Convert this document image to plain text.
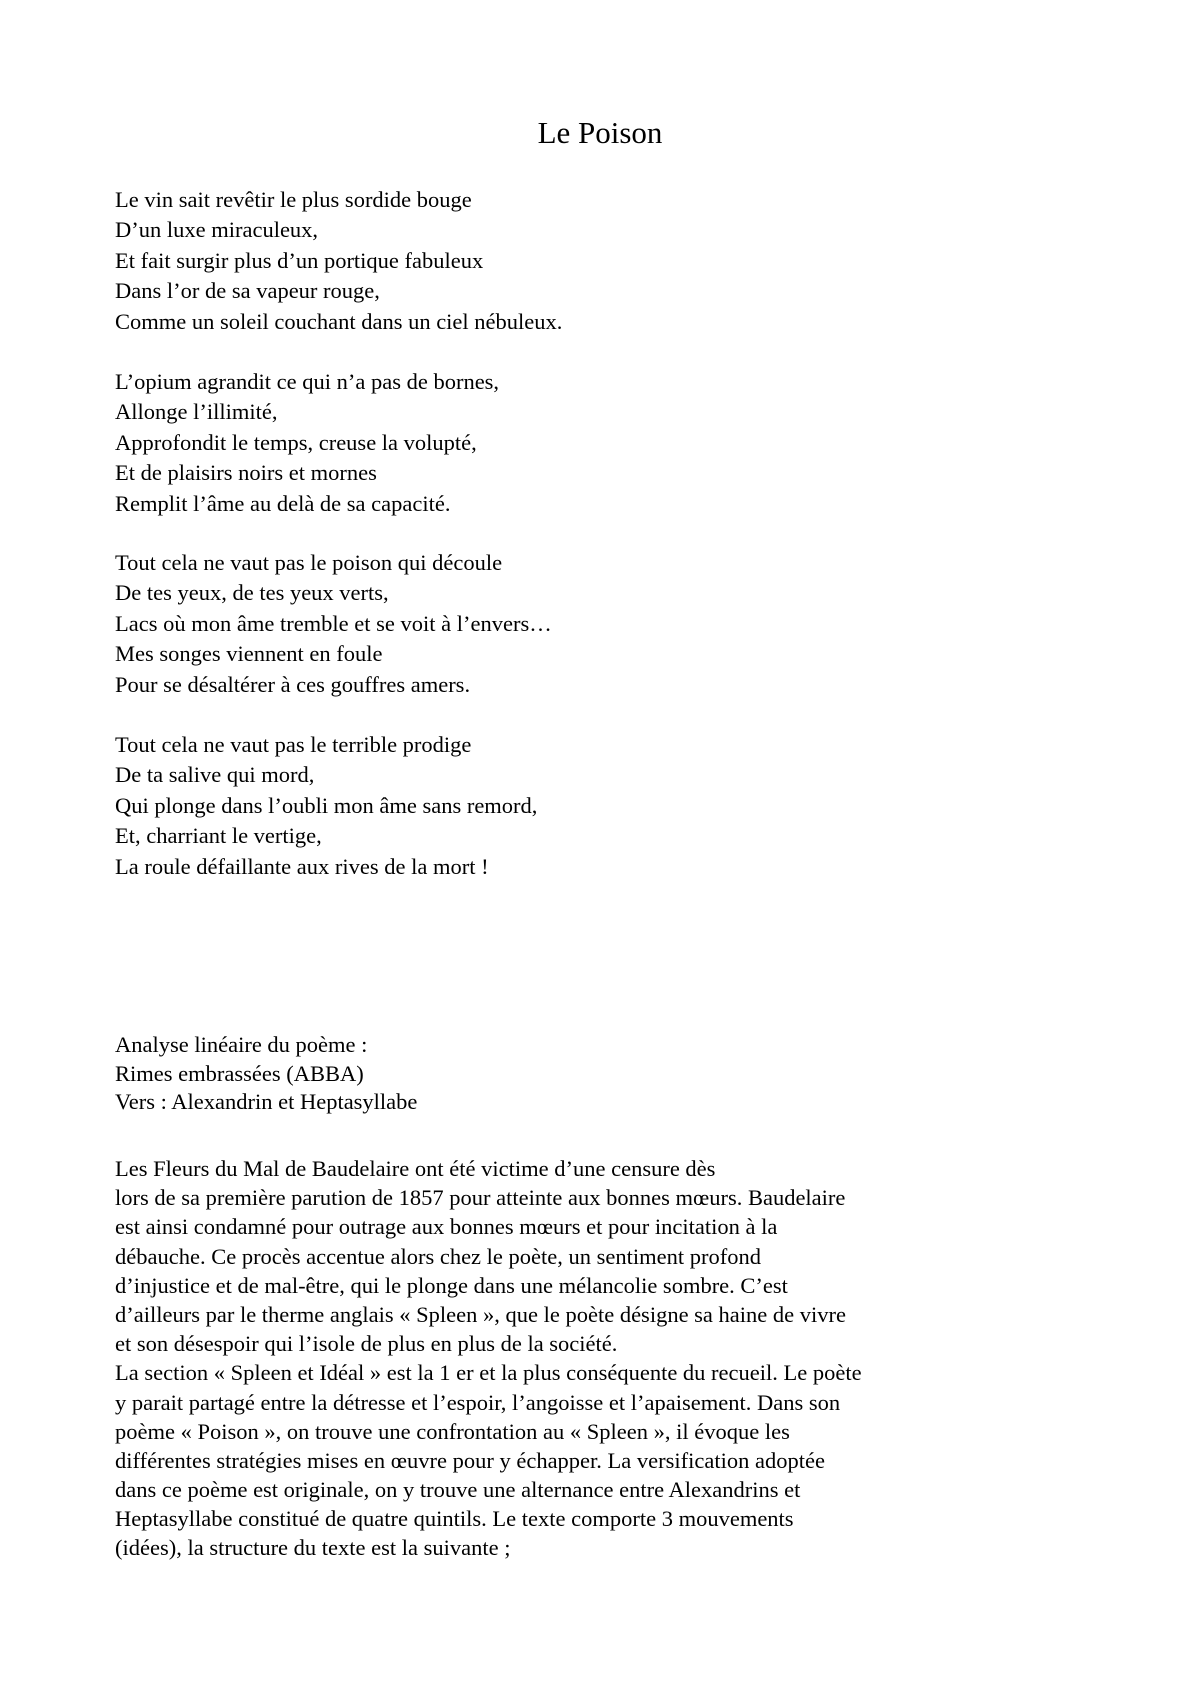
Le Poison
Le vin sait revêtir le plus sordide bouge
D’un luxe miraculeux,
Et fait surgir plus d’un portique fabuleux
Dans l’or de sa vapeur rouge,
Comme un soleil couchant dans un ciel nébuleux.
L’opium agrandit ce qui n’a pas de bornes,
Allonge l’illimité,
Approfondit le temps, creuse la volupté,
Et de plaisirs noirs et mornes
Remplit l’âme au delà de sa capacité.
Tout cela ne vaut pas le poison qui découle
De tes yeux, de tes yeux verts,
Lacs où mon âme tremble et se voit à l’envers…
Mes songes viennent en foule
Pour se désaltérer à ces gouffres amers.
Tout cela ne vaut pas le terrible prodige
De ta salive qui mord,
Qui plonge dans l’oubli mon âme sans remord,
Et, charriant le vertige,
La roule défaillante aux rives de la mort !
Analyse linéaire du poème :
Rimes embrassées (ABBA)
Vers : Alexandrin et Heptasyllabe
Les Fleurs du Mal de Baudelaire ont été victime d’une censure dès
lors de sa première parution de 1857 pour atteinte aux bonnes mœurs. Baudelaire
est ainsi condamné pour outrage aux bonnes mœurs et pour incitation à la
débauche. Ce procès accentue alors chez le poète, un sentiment profond
d’injustice et de mal-être, qui le plonge dans une mélancolie sombre. C’est
d’ailleurs par le therme anglais « Spleen », que le poète désigne sa haine de vivre
et son désespoir qui l’isole de plus en plus de la société.
La section « Spleen et Idéal » est la 1 er et la plus conséquente du recueil. Le poète
y parait partagé entre la détresse et l’espoir, l’angoisse et l’apaisement. Dans son
poème « Poison », on trouve une confrontation au « Spleen », il évoque les
différentes stratégies mises en œuvre pour y échapper. La versification adoptée
dans ce poème est originale, on y trouve une alternance entre Alexandrins et
Heptasyllabe constitué de quatre quintils. Le texte comporte 3 mouvements
(idées), la structure du texte est la suivante ;
